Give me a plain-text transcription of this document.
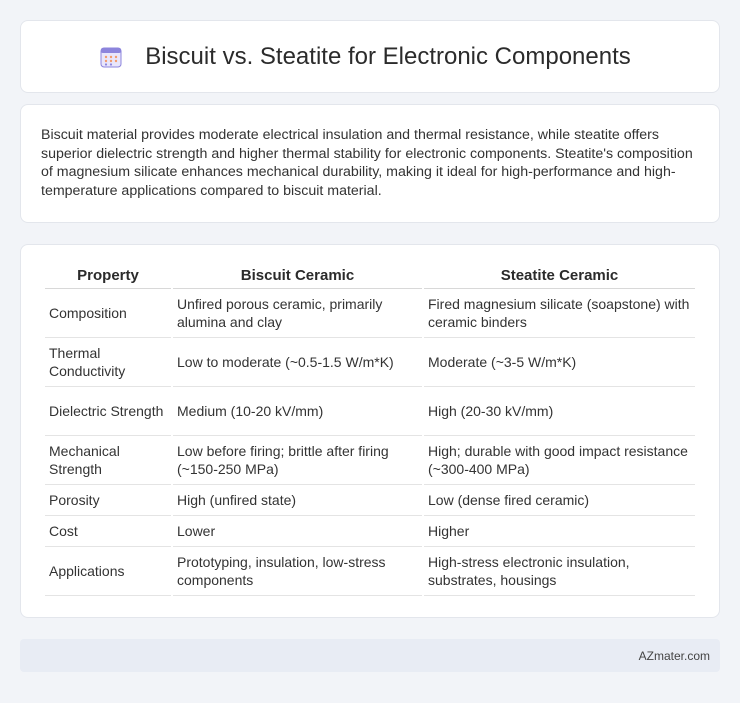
Biscuit vs. Steatite for Electronic Components

Biscuit material provides moderate electrical insulation and thermal resistance, while steatite offers superior dielectric strength and higher thermal stability for electronic components. Steatite's composition of magnesium silicate enhances mechanical durability, making it ideal for high-performance and high-temperature applications compared to biscuit material.

Property	Biscuit Ceramic	Steatite Ceramic
Composition	Unfired porous ceramic, primarily alumina and clay	Fired magnesium silicate (soapstone) with ceramic binders
Thermal Conductivity	Low to moderate (~0.5-1.5 W/m*K)	Moderate (~3-5 W/m*K)
Dielectric Strength	Medium (10-20 kV/mm)	High (20-30 kV/mm)
Mechanical Strength	Low before firing; brittle after firing (~150-250 MPa)	High; durable with good impact resistance (~300-400 MPa)
Porosity	High (unfired state)	Low (dense fired ceramic)
Cost	Lower	Higher
Applications	Prototyping, insulation, low-stress components	High-stress electronic insulation, substrates, housings
AZmater.com
